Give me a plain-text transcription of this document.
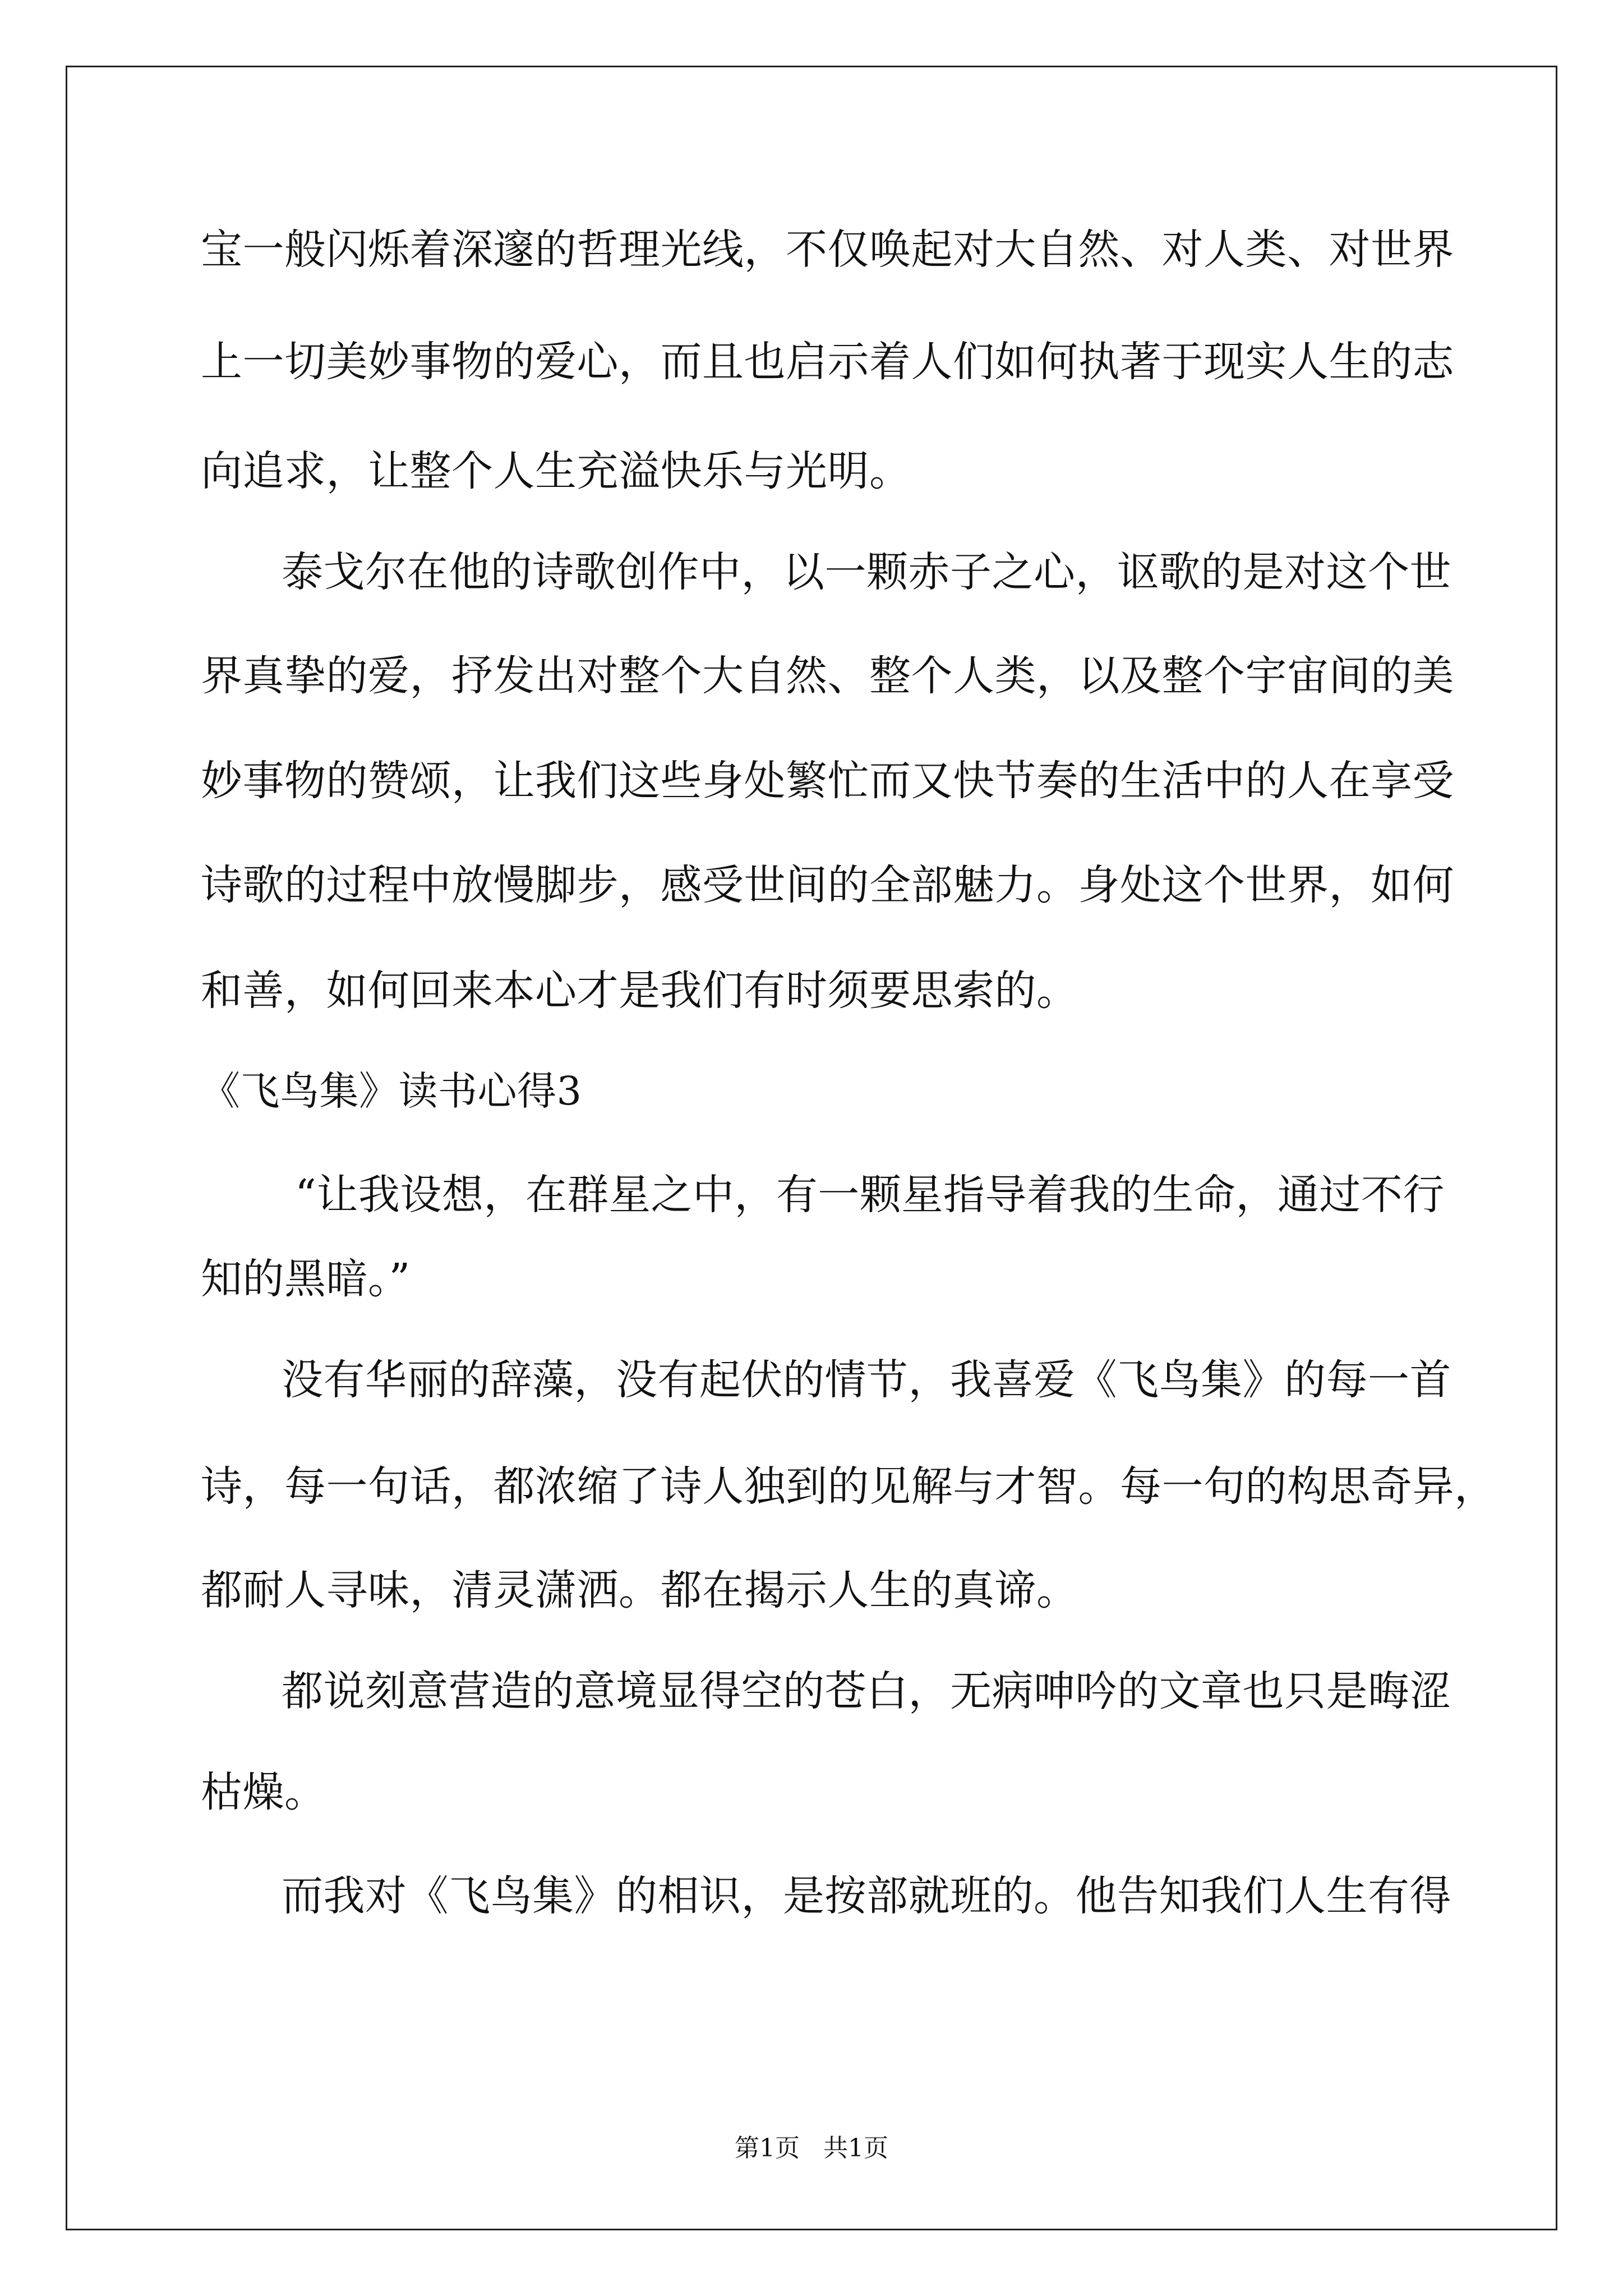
宝一般闪烁着深邃的哲理光线，不仅唤起对大自然、对人类、对世界
上一切美妙事物的爱心，而且也启示着人们如何执著于现实人生的志
向追求，让整个人生充溢快乐与光明。
泰戈尔在他的诗歌创作中，以一颗赤子之心，讴歌的是对这个世
界真挚的爱，抒发出对整个大自然、整个人类，以及整个宇宙间的美
妙事物的赞颂，让我们这些身处繁忙而又快节奏的生活中的人在享受
诗歌的过程中放慢脚步，感受世间的全部魅力。身处这个世界，如何
和善，如何回来本心才是我们有时须要思索的。
《飞鸟集》读书心得3
“让我设想，在群星之中，有一颗星指导着我的生命，通过不行
知的黑暗。”
没有华丽的辞藻，没有起伏的情节，我喜爱《飞鸟集》的每一首
诗，每一句话，都浓缩了诗人独到的见解与才智。每一句的构思奇异，
都耐人寻味，清灵潇洒。都在揭示人生的真谛。
都说刻意营造的意境显得空的苍白，无病呻吟的文章也只是晦涩
枯燥。
而我对《飞鸟集》的相识，是按部就班的。他告知我们人生有得
第1页   共1页
